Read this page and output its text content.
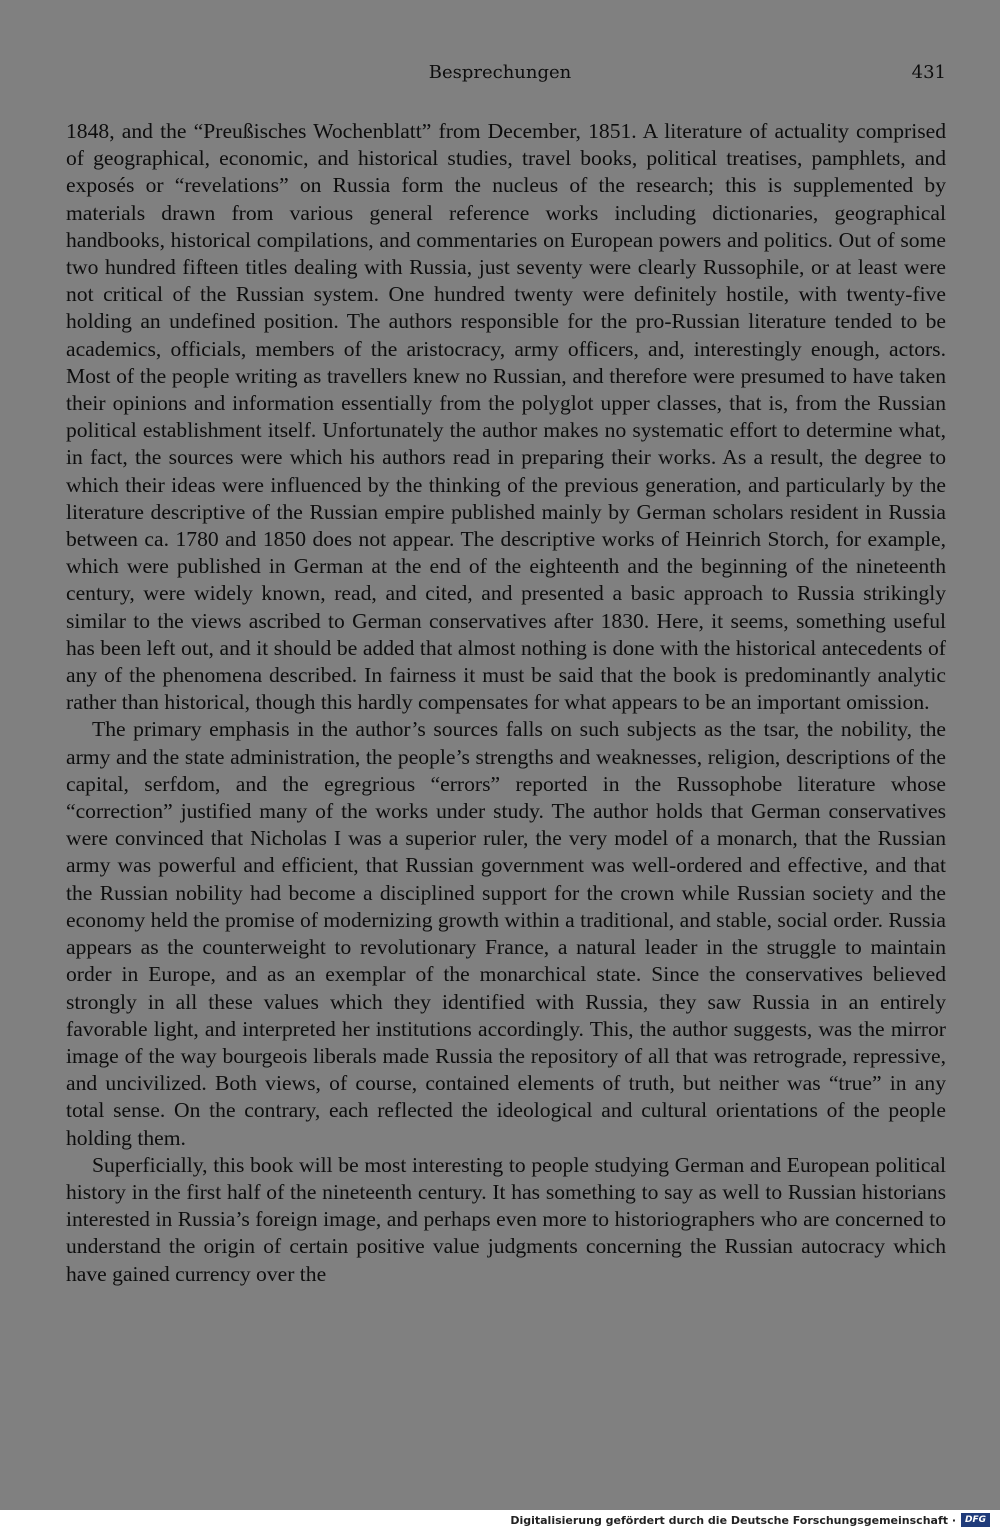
Besprechungen	431

1848, and the “Preußisches Wochenblatt” from December, 1851. A literature of actuality comprised of geographical, economic, and historical studies, travel books, political treatises, pamphlets, and exposés or “revelations” on Russia form the nucleus of the research; this is supplemented by materials drawn from various general reference works including dictionaries, geographical handbooks, historical compilations, and commentaries on European powers and politics. Out of some two hundred fifteen titles dealing with Russia, just seventy were clearly Russophile, or at least were not critical of the Russian system. One hundred twenty were definitely hostile, with twenty-five holding an undefined position. The authors responsible for the pro-Russian literature tended to be academics, officials, members of the aristocracy, army officers, and, interestingly enough, actors. Most of the people writing as travellers knew no Russian, and therefore were presumed to have taken their opinions and information essentially from the polyglot upper classes, that is, from the Russian political establishment itself. Unfortunately the author makes no systematic effort to determine what, in fact, the sources were which his authors read in preparing their works. As a result, the degree to which their ideas were influenced by the thinking of the previous generation, and particularly by the literature descriptive of the Russian empire published mainly by German scholars resident in Russia between ca. 1780 and 1850 does not appear. The descriptive works of Heinrich Storch, for example, which were published in German at the end of the eighteenth and the beginning of the nineteenth century, were widely known, read, and cited, and presented a basic approach to Russia strikingly similar to the views ascribed to German conservatives after 1830. Here, it seems, something useful has been left out, and it should be added that almost nothing is done with the historical antecedents of any of the phenomena described. In fairness it must be said that the book is predominantly analytic rather than historical, though this hardly compensates for what appears to be an important omission.

The primary emphasis in the author’s sources falls on such subjects as the tsar, the nobility, the army and the state administration, the people’s strengths and weaknesses, religion, descriptions of the capital, serfdom, and the egregrious “errors” reported in the Russophobe literature whose “correction” justified many of the works under study. The author holds that German conservatives were convinced that Nicholas I was a superior ruler, the very model of a monarch, that the Russian army was powerful and efficient, that Russian government was well-ordered and effective, and that the Russian nobility had become a disciplined support for the crown while Russian society and the economy held the promise of modernizing growth within a traditional, and stable, social order. Russia appears as the counterweight to revolutionary France, a natural leader in the struggle to maintain order in Europe, and as an exemplar of the monarchical state. Since the conservatives believed strongly in all these values which they identified with Russia, they saw Russia in an entirely favorable light, and interpreted her institutions accordingly. This, the author suggests, was the mirror image of the way bourgeois liberals made Russia the repository of all that was retrograde, repressive, and uncivilized. Both views, of course, contained elements of truth, but neither was “true” in any total sense. On the contrary, each reflected the ideological and cultural orientations of the people holding them.

Superficially, this book will be most interesting to people studying German and European political history in the first half of the nineteenth century. It has something to say as well to Russian historians interested in Russia’s foreign image, and perhaps even more to historiographers who are concerned to understand the origin of certain positive value judgments concerning the Russian autocracy which have gained currency over the

Digitalisierung gefördert durch die Deutsche Forschungsgemeinschaft · DFG
